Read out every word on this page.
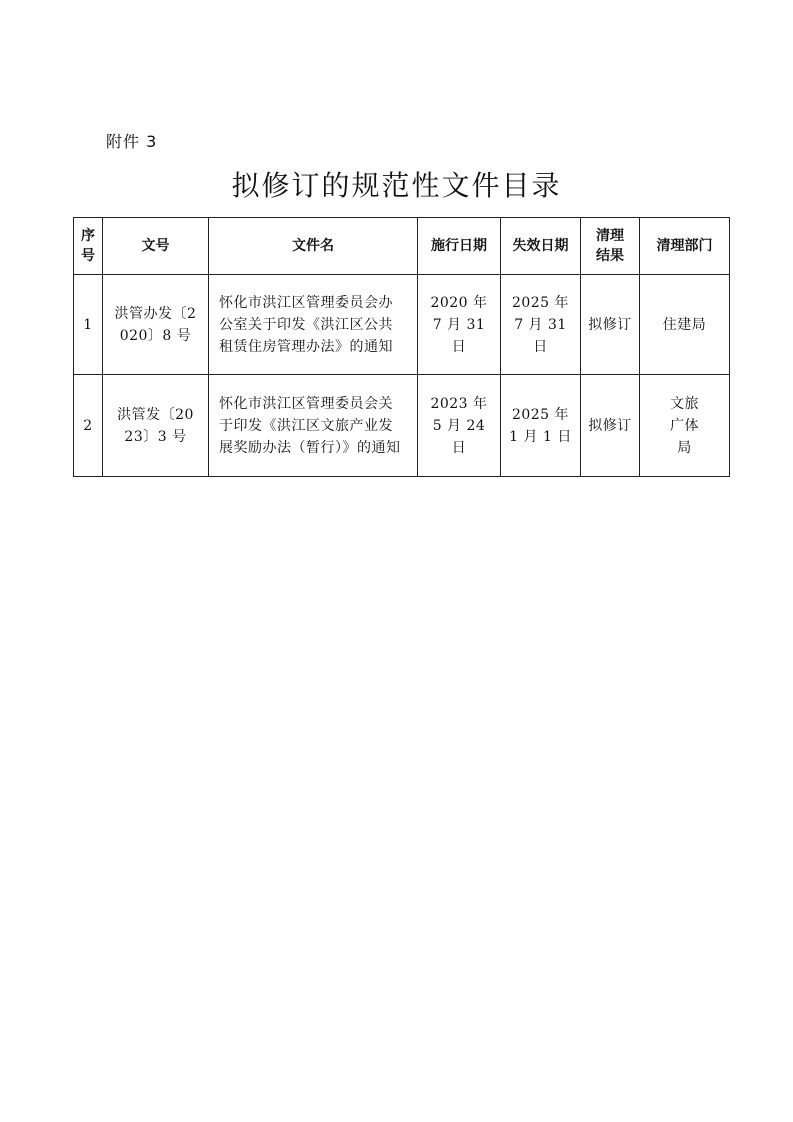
附件 3
拟修订的规范性文件目录
序号	文号	文件名	施行日期	失效日期	清理结果	清理部门
1	洪管办发〔2020〕8 号	怀化市洪江区管理委员会办公室关于印发《洪江区公共租赁住房管理办法》的通知	2020 年 7 月 31 日	2025 年 7 月 31 日	拟修订	住建局
2	洪管发〔2023〕3 号	怀化市洪江区管理委员会关于印发《洪江区文旅产业发展奖励办法（暂行）》的通知	2023 年 5 月 24 日	2025 年 1 月 1 日	拟修订	文旅广体局
